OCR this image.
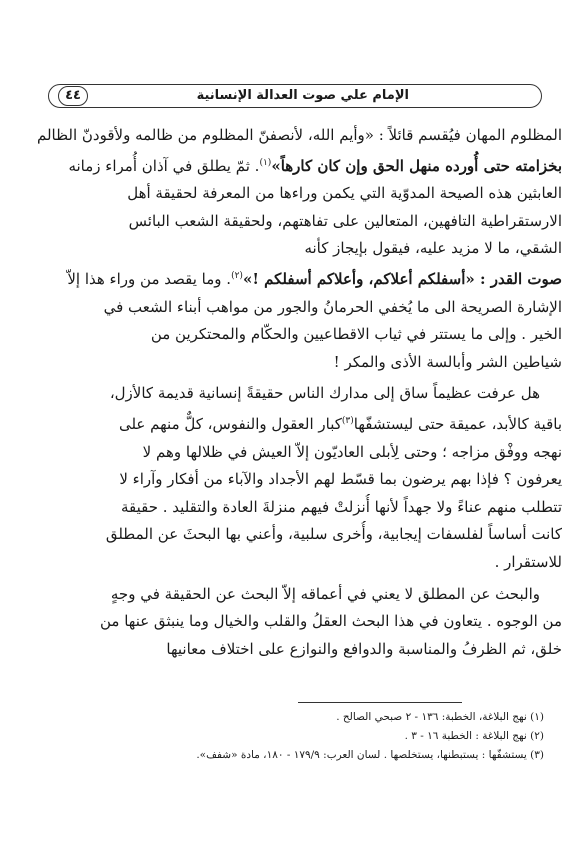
الإمام علي صوت العدالة الإنسانية
٤٤

المظلوم المهان فيُقسم قائلاً : «وأيم الله، لأنصفنّ المظلوم من ظالمه ولأقودنّ الظالم
بخزامته حتى أُورده منهل الحق وإن كان كارهاً»$^{(١)}$. ثمّ يطلق في آذان أُمراء زمانه
العابثين هذه الصيحة المدوّية التي يكمن وراءها من المعرفة لحقيقة أهل
الارستقراطية التافهين، المتعالين على تفاهتهم، ولحقيقة الشعب البائس
الشقي، ما لا مزيد عليه، فيقول بإيجاز كأنه
صوت القدر : «أسفلكم أعلاكم، وأعلاكم أسفلكم !»$^{(٢)}$. وما يقصد من وراء هذا إلاّ
الإشارة الصريحة الى ما يُخفي الحرمانُ والجور من مواهب أبناء الشعب في
الخير . وإلى ما يستتر في ثياب الاقطاعيين والحكّام والمحتكرين من
شياطين الشر وأبالسة الأذى والمكر !

هل عرفت عظيماً ساق إلى مدارك الناس حقيقةً إنسانية قديمة كالأزل،
باقية كالأبد، عميقة حتى ليستشفّها$^{(٣)}$كبار العقول والنفوس، كلٌّ منهم على
نهجه ووفْق مزاجه ؛ وحتى لِأبلى العاديّون إلاّ العيش في ظلالها وهم لا
يعرفون ؟ فإذا بهم يرضون بما قسّط لهم الأجداد والآباء من أفكار وآراء لا
تتطلب منهم عناءً ولا جهداً لأنها أُنزلتْ فيهم منزلةَ العادة والتقليد . حقيقة
كانت أساساً لفلسفات إيجابية، وأُخرى سلبية، وأعني بها البحثَ عن المطلق
للاستقرار .

والبحث عن المطلق لا يعني في أعماقه إلاّ البحث عن الحقيقة في وجهٍ
من الوجوه . يتعاون في هذا البحث العقلُ والقلب والخيال وما ينبثق عنها من
خلق، ثم الظرفُ والمناسبة والدوافع والنوازع على اختلاف معانيها

(١) نهج البلاغة، الخطبة: ١٣٦ - ٢ صبحي الصالح .
(٢) نهج البلاغة : الخطبة ١٦ - ٣ .
(٣) يستشفّها : يستبطنها، يستخلصها . لسان العرب: ١٧٩/٩ - ١٨٠، مادة «شفف».
